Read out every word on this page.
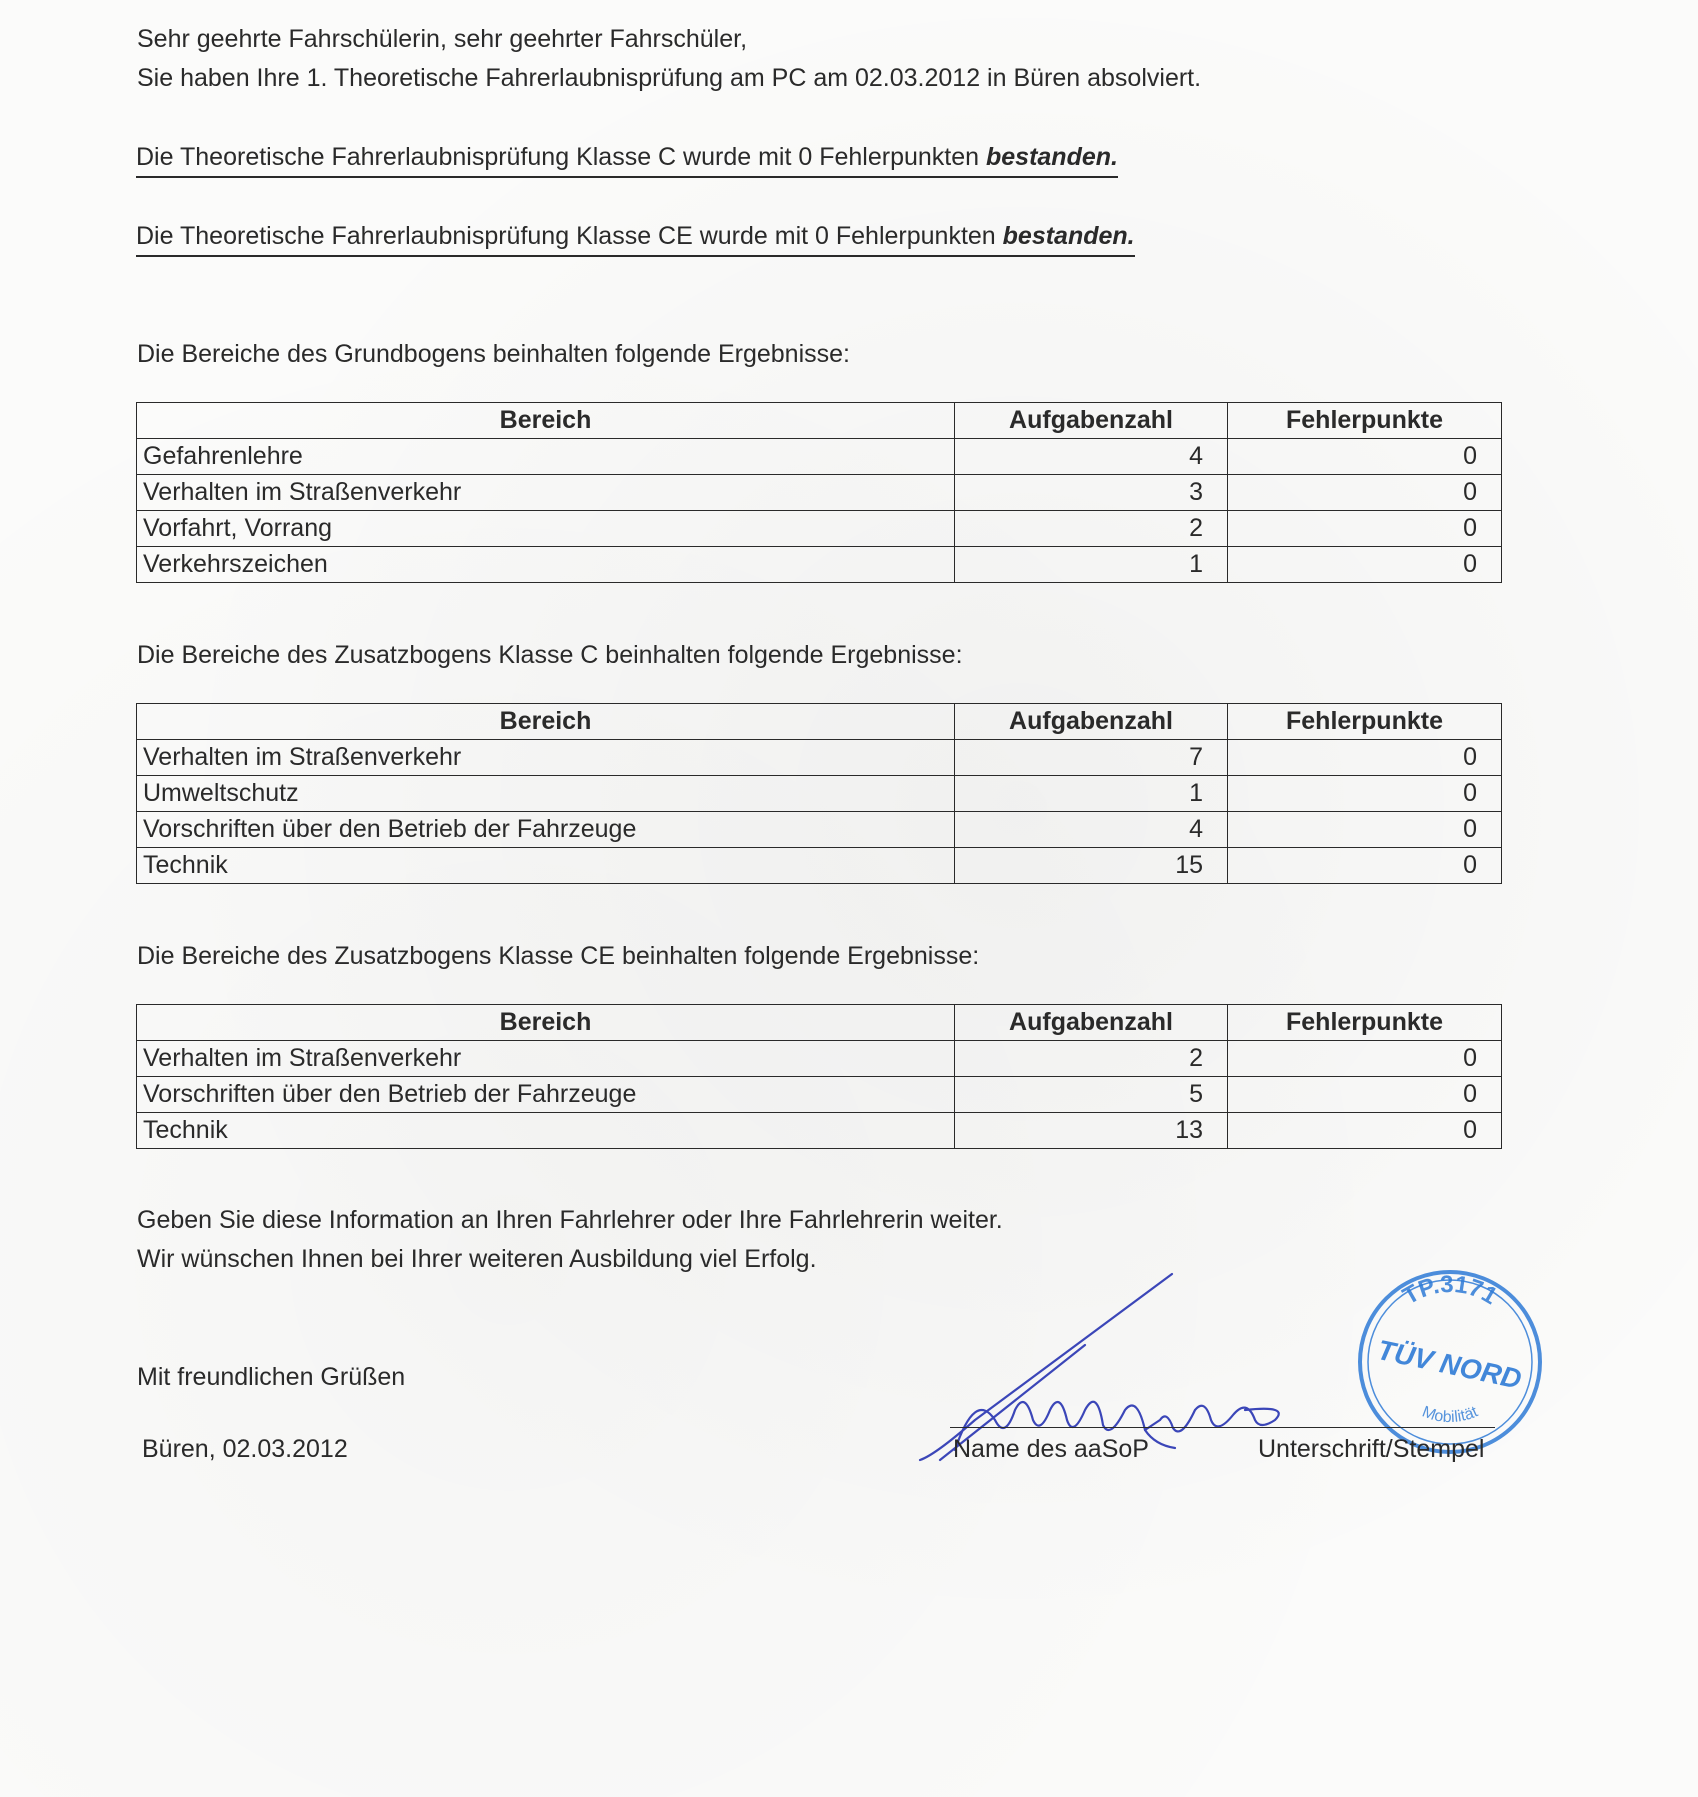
Sehr geehrte Fahrschülerin, sehr geehrter Fahrschüler,
Sie haben Ihre 1. Theoretische Fahrerlaubnisprüfung am PC am 02.03.2012 in Büren absolviert.
Die Theoretische Fahrerlaubnisprüfung Klasse C wurde mit 0 Fehlerpunkten bestanden.
Die Theoretische Fahrerlaubnisprüfung Klasse CE wurde mit 0 Fehlerpunkten bestanden.
Die Bereiche des Grundbogens beinhalten folgende Ergebnisse:
Bereich	Aufgabenzahl	Fehlerpunkte
Gefahrenlehre	4	0
Verhalten im Straßenverkehr	3	0
Vorfahrt, Vorrang	2	0
Verkehrszeichen	1	0
Die Bereiche des Zusatzbogens Klasse C beinhalten folgende Ergebnisse:
Bereich	Aufgabenzahl	Fehlerpunkte
Verhalten im Straßenverkehr	7	0
Umweltschutz	1	0
Vorschriften über den Betrieb der Fahrzeuge	4	0
Technik	15	0
Die Bereiche des Zusatzbogens Klasse CE beinhalten folgende Ergebnisse:
Bereich	Aufgabenzahl	Fehlerpunkte
Verhalten im Straßenverkehr	2	0
Vorschriften über den Betrieb der Fahrzeuge	5	0
Technik	13	0
Geben Sie diese Information an Ihren Fahrlehrer oder Ihre Fahrlehrerin weiter.
Wir wünschen Ihnen bei Ihrer weiteren Ausbildung viel Erfolg.
Mit freundlichen Grüßen
Büren, 02.03.2012
TP.3171
TÜV NORD
Mobilität
Name des aaSoP	Unterschrift/Stempel
